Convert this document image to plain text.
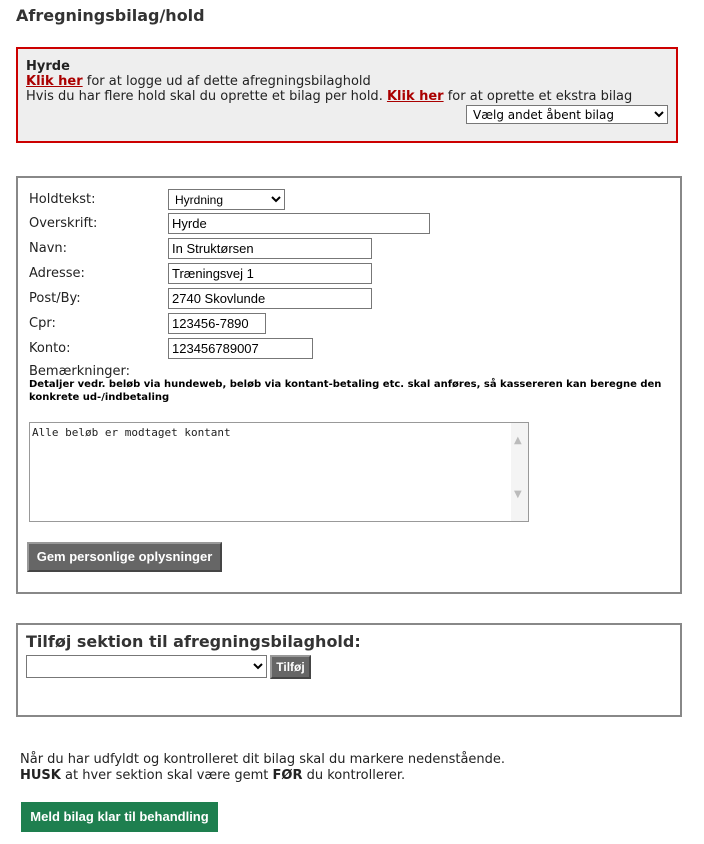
Afregningsbilag/hold
Hyrde
Klik her for at logge ud af dette afregningsbilaghold
Hvis du har flere hold skal du oprette et bilag per hold. Klik her for at oprette et ekstra bilag
Vælg andet åbent bilag
Holdtekst:
Hyrdning
Overskrift:
Hyrde
Navn:
In Struktørsen
Adresse:
Træningsvej 1
Post/By:
2740 Skovlunde
Cpr:
123456-7890
Konto:
123456789007
Bemærkninger:
Detaljer vedr. beløb via hundeweb, beløb via kontant-betaling etc. skal anføres, så kassereren kan beregne den konkrete ud-/indbetaling
Alle beløb er modtaget kontant
▲
▼
Gem personlige oplysninger
Tilføj sektion til afregningsbilaghold:
Tilføj
Når du har udfyldt og kontrolleret dit bilag skal du markere nedenstående.
HUSK at hver sektion skal være gemt FØR du kontrollerer.
Meld bilag klar til behandling
